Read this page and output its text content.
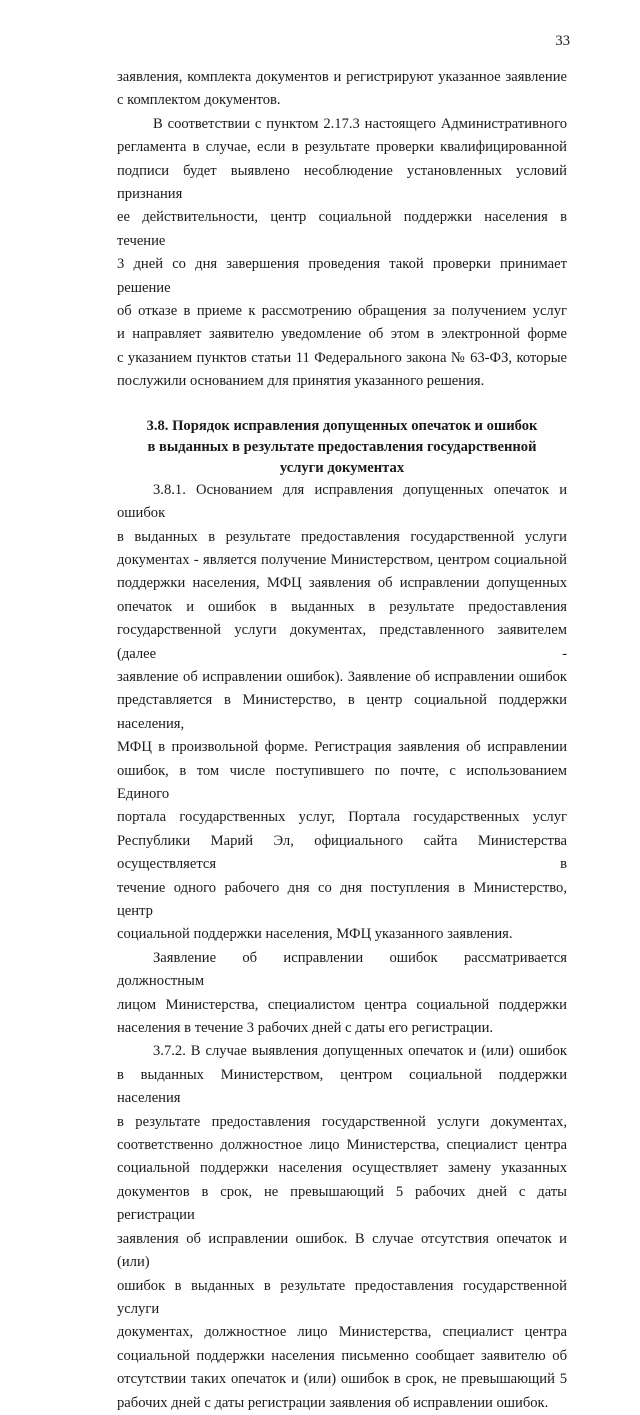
33

заявления, комплекта документов и регистрируют указанное заявление

с комплектом документов.

В соответствии с пунктом 2.17.3 настоящего Административного

регламента в случае, если в результате проверки квалифицированной

подписи будет выявлено несоблюдение установленных условий признания

ее действительности, центр социальной поддержки населения в течение

3 дней со дня завершения проведения такой проверки принимает решение

об отказе в приеме к рассмотрению обращения за получением услуг

и направляет заявителю уведомление об этом в электронной форме

с указанием пунктов статьи 11 Федерального закона № 63-ФЗ, которые

послужили основанием для принятия указанного решения.

3.8. Порядок исправления допущенных опечаток и ошибок
в выданных в результате предоставления государственной
услуги документах

3.8.1. Основанием для исправления допущенных опечаток и ошибок

в выданных в результате предоставления государственной услуги

документах - является получение Министерством, центром социальной

поддержки населения, МФЦ заявления об исправлении допущенных

опечаток и ошибок в выданных в результате предоставления

государственной услуги документах, представленного заявителем (далее -

заявление об исправлении ошибок). Заявление об исправлении ошибок

представляется в Министерство, в центр социальной поддержки населения,

МФЦ в произвольной форме. Регистрация заявления об исправлении

ошибок, в том числе поступившего по почте, с использованием Единого

портала государственных услуг, Портала государственных услуг

Республики Марий Эл, официального сайта Министерства осуществляется в

течение одного рабочего дня со дня поступления в Министерство, центр

социальной поддержки населения, МФЦ указанного заявления.

Заявление об исправлении ошибок рассматривается должностным

лицом Министерства, специалистом центра социальной поддержки

населения в течение 3 рабочих дней с даты его регистрации.

3.7.2. В случае выявления допущенных опечаток и (или) ошибок

в выданных Министерством, центром социальной поддержки населения

в результате предоставления государственной услуги документах,

соответственно должностное лицо Министерства, специалист центра

социальной поддержки населения осуществляет замену указанных

документов в срок, не превышающий 5 рабочих дней с даты регистрации

заявления об исправлении ошибок. В случае отсутствия опечаток и (или)

ошибок в выданных в результате предоставления государственной услуги

документах, должностное лицо Министерства, специалист центра

социальной поддержки населения письменно сообщает заявителю об

отсутствии таких опечаток и (или) ошибок в срок, не превышающий 5

рабочих дней с даты регистрации заявления об исправлении ошибок.
